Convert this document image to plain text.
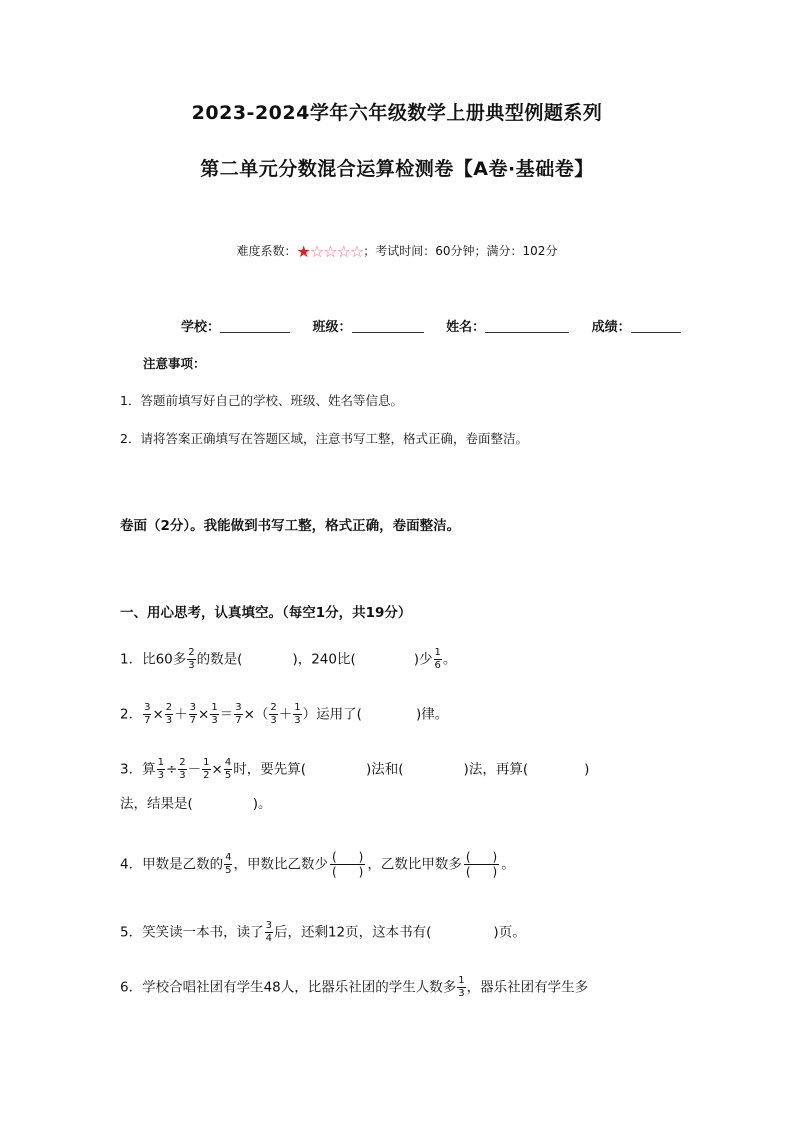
2023-2024学年六年级数学上册典型例题系列
第二单元分数混合运算检测卷【A卷·基础卷】
难度系数：★☆☆☆☆；考试时间：60分钟；满分：102分
学校：	班级：	姓名：	成绩：
注意事项：
1．答题前填写好自己的学校、班级、姓名等信息。
2．请将答案正确填写在答题区域，注意书写工整，格式正确，卷面整洁。
卷面（2分）。我能做到书写工整，格式正确，卷面整洁。
一、用心思考，认真填空。（每空1分，共19分）
1．比60多 $\frac{2}{3}$ 的数是(	)，240比(	)少 $\frac{1}{6}$ 。
2． $\frac{3}{7} \times \frac{2}{3} + \frac{3}{7} \times \frac{1}{3} = \frac{3}{7}$ ×（ $\frac{2}{3} + \frac{1}{3}$ ）运用了(	)律。
3．算 $\frac{1}{3} \div \frac{2}{3} - \frac{1}{2} \times \frac{4}{5}$ 时，要先算(	)法和(	)法，再算(	)
法，结果是(	)。
4．甲数是乙数的 $\frac{4}{5}$ ，甲数比乙数少 ( )
( ) ，乙数比甲数多 ( )
( ) 。
5．笑笑读一本书，读了 $\frac{3}{4}$ 后，还剩12页，这本书有(	)页。
6．学校合唱社团有学生48人，比器乐社团的学生人数多 $\frac{1}{3}$ ，器乐社团有学生多
